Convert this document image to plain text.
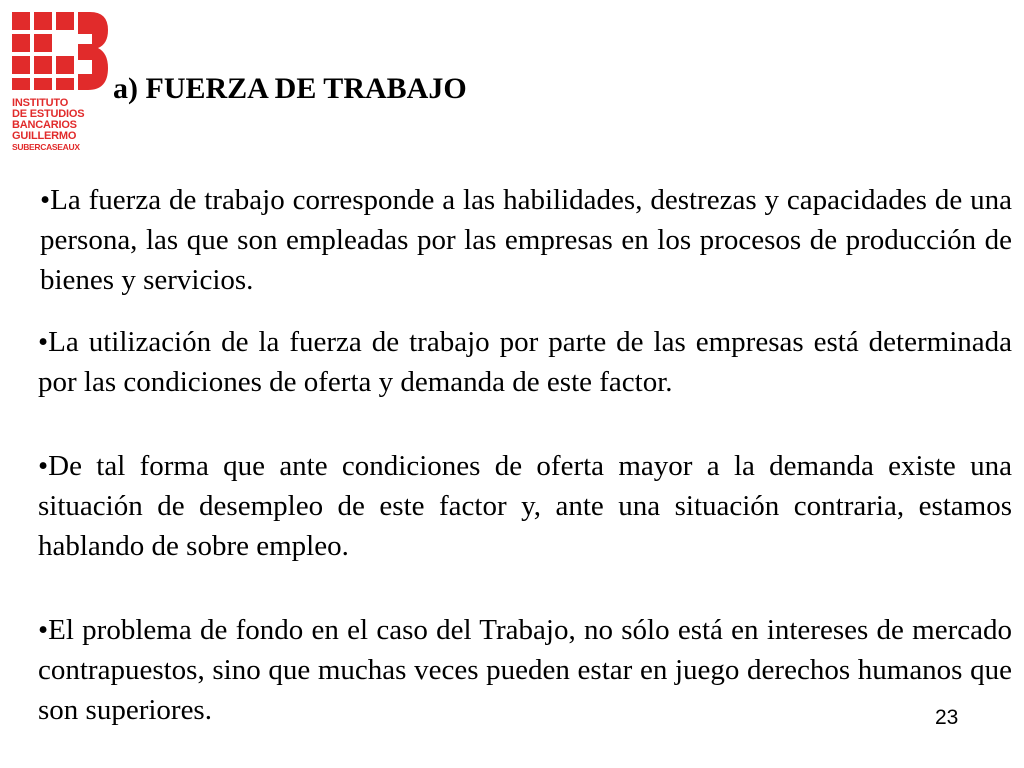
INSTITUTO
DE ESTUDIOS
BANCARIOS
GUILLERMO
SUBERCASEAUX
a) FUERZA DE TRABAJO

•La fuerza de trabajo corresponde a las habilidades, destrezas y capacidades de una persona, las que son empleadas por las empresas en los procesos de producción de bienes y servicios.

•La utilización de la fuerza de trabajo por parte de las empresas está determinada por las condiciones de oferta y demanda de este factor.

•De tal forma que ante condiciones de oferta mayor a la demanda existe una situación de desempleo de este factor y, ante una situación contraria, estamos hablando de sobre empleo.

•El problema de fondo en el caso del Trabajo, no sólo está en intereses de mercado contrapuestos, sino que muchas veces pueden estar en juego derechos humanos que son superiores.	23
